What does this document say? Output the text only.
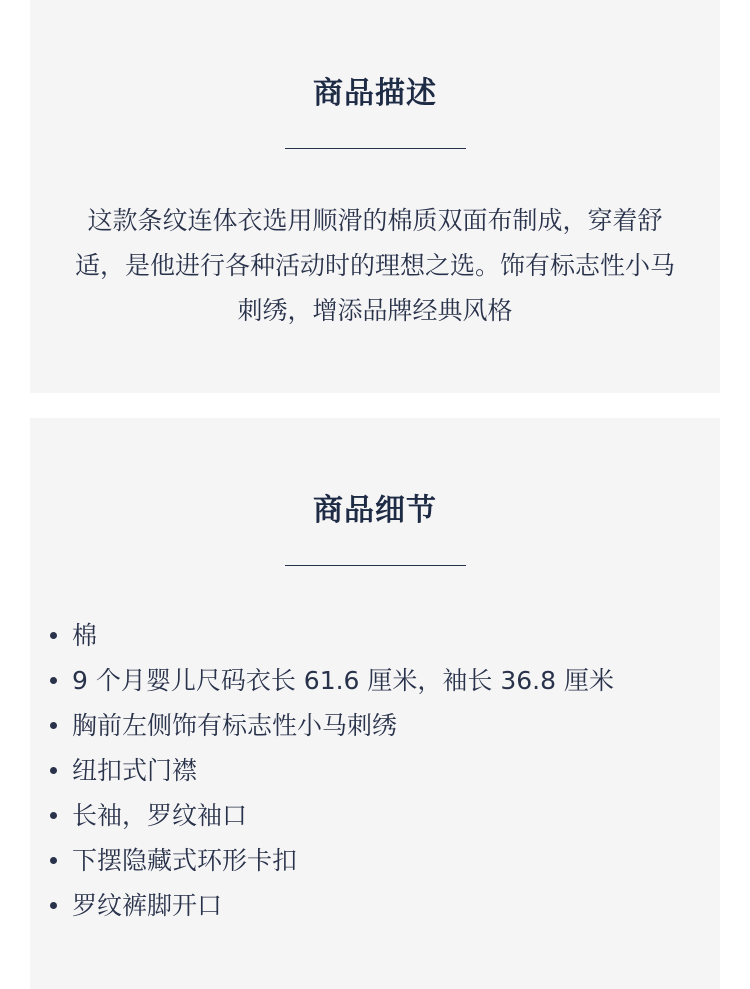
商品描述
这款条纹连体衣选用顺滑的棉质双面布制成，穿着舒适，是他进行各种活动时的理想之选。饰有标志性小马刺绣，增添品牌经典风格
商品细节
棉
9 个月婴儿尺码衣长 61.6 厘米，袖长 36.8 厘米
胸前左侧饰有标志性小马刺绣
纽扣式门襟
长袖，罗纹袖口
下摆隐藏式环形卡扣
罗纹裤脚开口
